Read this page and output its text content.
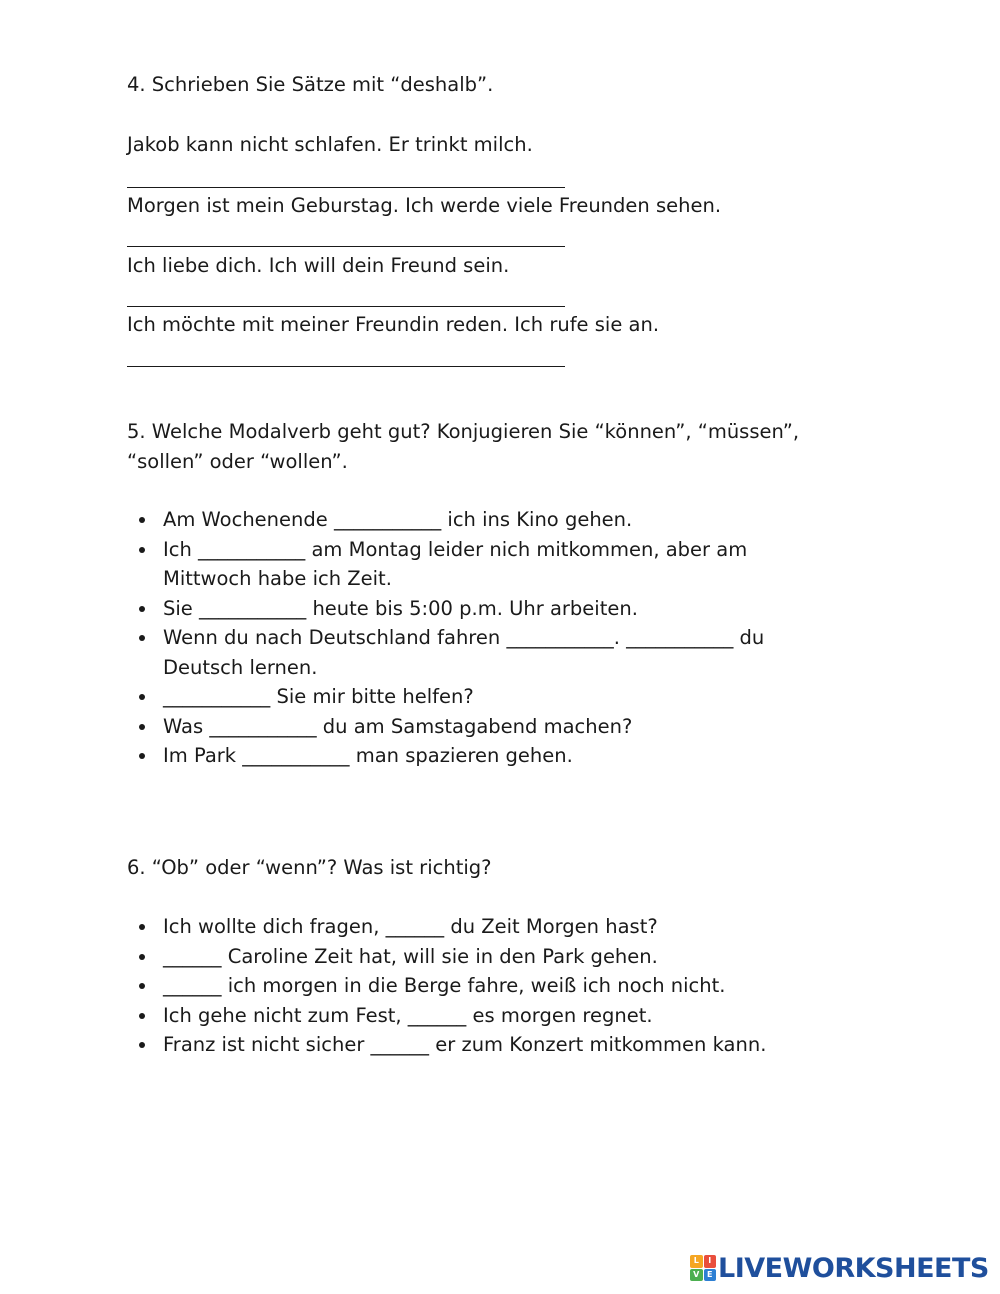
4. Schrieben Sie Sätze mit “deshalb”.
Jakob kann nicht schlafen. Er trinkt milch.
Morgen ist mein Geburstag. Ich werde viele Freunden sehen.
Ich liebe dich. Ich will dein Freund sein.
Ich möchte mit meiner Freundin reden. Ich rufe sie an.
5. Welche Modalverb geht gut? Konjugieren Sie “können”, “müssen”,
“sollen” oder “wollen”.
Am Wochenende ___________ ich ins Kino gehen.
Ich ___________ am Montag leider nich mitkommen, aber am Mittwoch habe ich Zeit.
Sie ___________ heute bis 5:00 p.m. Uhr arbeiten.
Wenn du nach Deutschland fahren ___________. ___________ du Deutsch lernen.
___________ Sie mir bitte helfen?
Was ___________ du am Samstagabend machen?
Im Park ___________ man spazieren gehen.
6. “Ob” oder “wenn”? Was ist richtig?
Ich wollte dich fragen, ______ du Zeit Morgen hast?
______ Caroline Zeit hat, will sie in den Park gehen.
______ ich morgen in die Berge fahre, weiß ich noch nicht.
Ich gehe nicht zum Fest, ______ es morgen regnet.
Franz ist nicht sicher ______ er zum Konzert mitkommen kann.
L	I
V E LIVEWORKSHEETS
